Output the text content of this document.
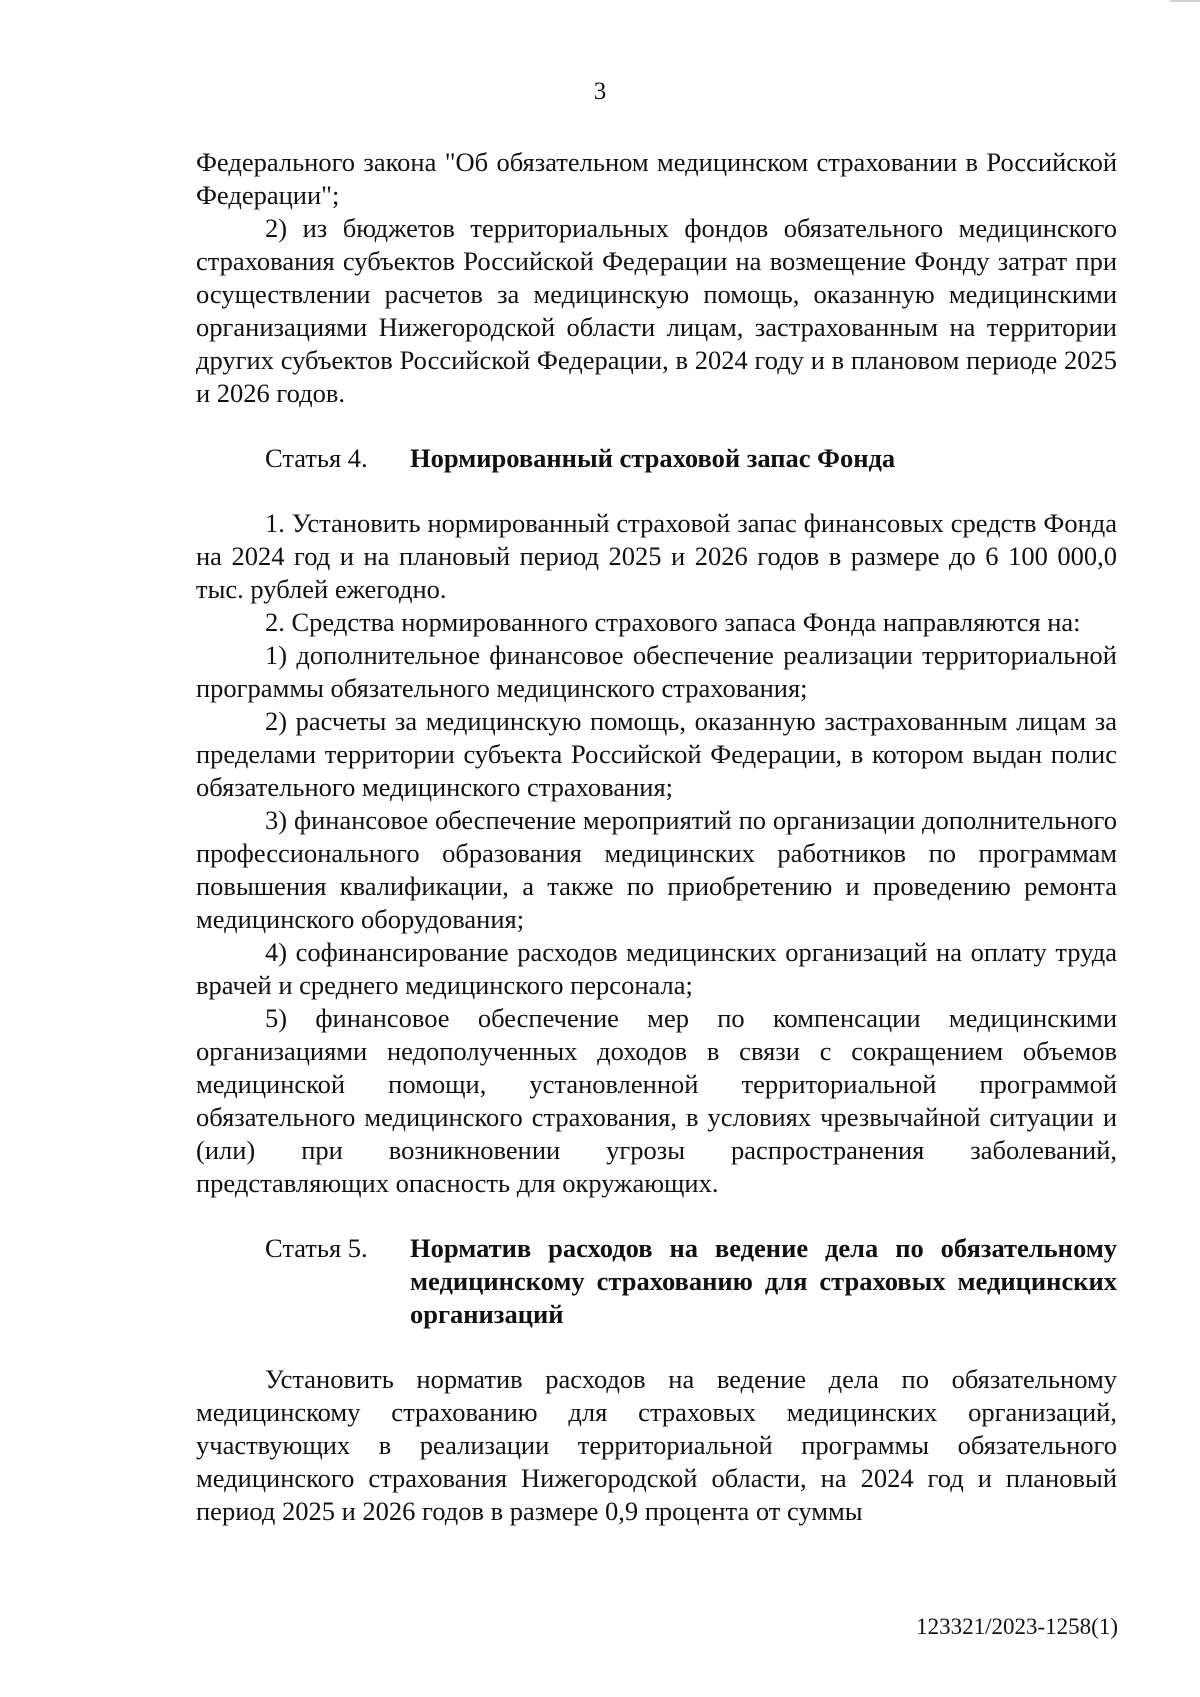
3

Федерального закона "Об обязательном медицинском страховании в Российской Федерации";

2) из бюджетов территориальных фондов обязательного медицинского страхования субъектов Российской Федерации на возмещение Фонду затрат при осуществлении расчетов за медицинскую помощь, оказанную медицинскими организациями Нижегородской области лицам, застрахованным на территории других субъектов Российской Федерации, в 2024 году и в плановом периоде 2025 и 2026 годов.

Статья 4.	Нормированный страховой запас Фонда

1. Установить нормированный страховой запас финансовых средств Фонда на 2024 год и на плановый период 2025 и 2026 годов в размере до 6 100 000,0 тыс. рублей ежегодно.

2. Средства нормированного страхового запаса Фонда направляются на:

1) дополнительное финансовое обеспечение реализации территориальной программы обязательного медицинского страхования;

2) расчеты за медицинскую помощь, оказанную застрахованным лицам за пределами территории субъекта Российской Федерации, в котором выдан полис обязательного медицинского страхования;

3) финансовое обеспечение мероприятий по организации дополнительного профессионального образования медицинских работников по программам повышения квалификации, а также по приобретению и проведению ремонта медицинского оборудования;

4) софинансирование расходов медицинских организаций на оплату труда врачей и среднего медицинского персонала;

5) финансовое обеспечение мер по компенсации медицинскими организациями недополученных доходов в связи с сокращением объемов медицинской помощи, установленной территориальной программой обязательного медицинского страхования, в условиях чрезвычайной ситуации и (или) при возникновении угрозы распространения заболеваний, представляющих опасность для окружающих.

Статья 5.	Норматив расходов на ведение дела по обязательному медицинскому страхованию для страховых медицинских организаций

Установить норматив расходов на ведение дела по обязательному медицинскому страхованию для страховых медицинских организаций, участвующих в реализации территориальной программы обязательного медицинского страхования Нижегородской области, на 2024 год и плановый период 2025 и 2026 годов в размере 0,9 процента от суммы

123321/2023-1258(1)
